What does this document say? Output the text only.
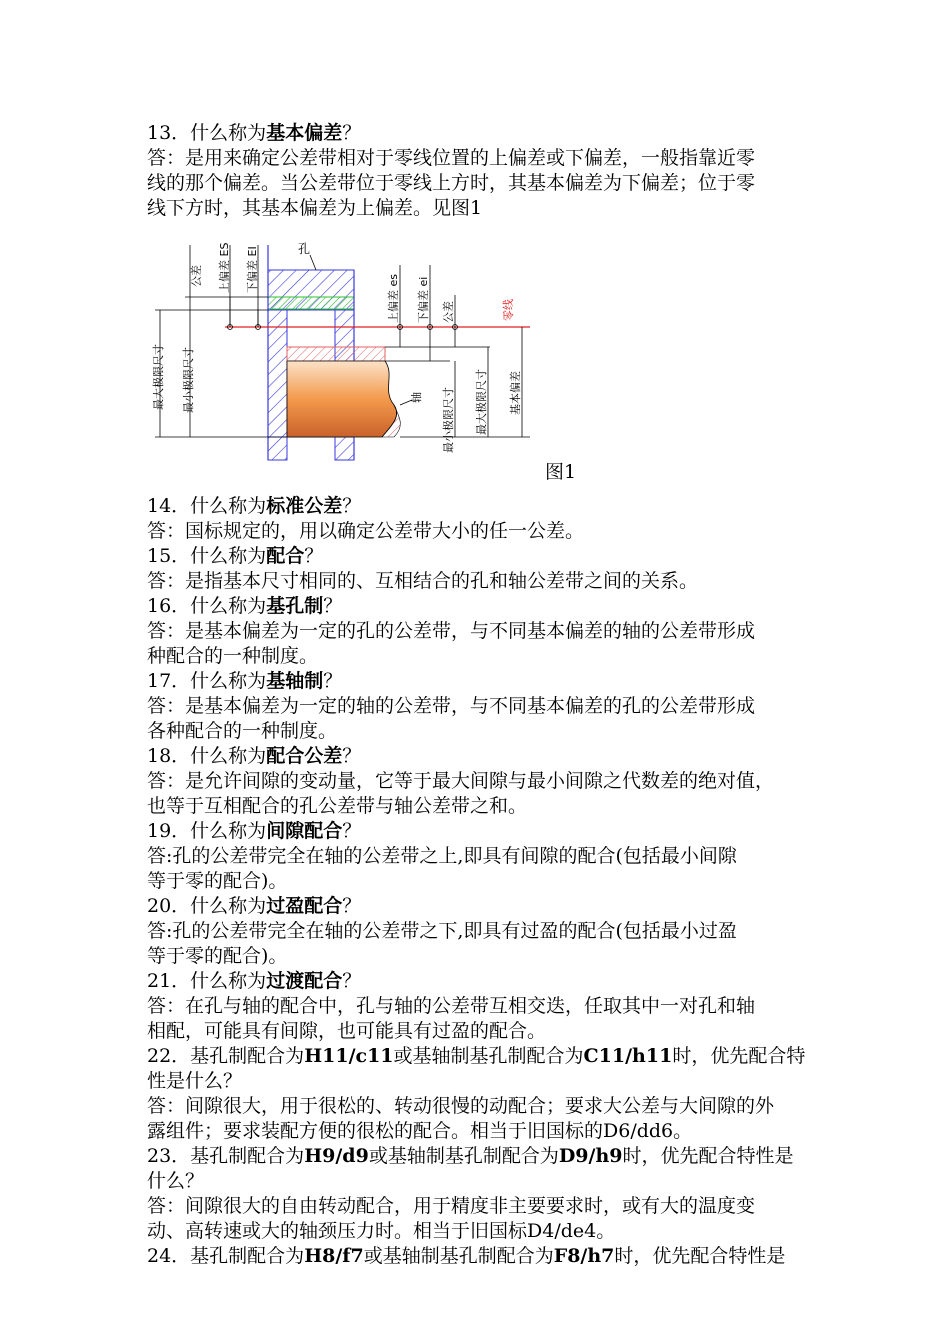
13．什么称为基本偏差？
答：是用来确定公差带相对于零线位置的上偏差或下偏差，一般指靠近零
线的那个偏差。当公差带位于零线上方时，其基本偏差为下偏差；位于零
线下方时，其基本偏差为上偏差。见图1
零线
孔
轴
公差 上偏差 ES 下偏差 EI
最大极限尺寸 最小极限尺寸
上偏差 es 下偏差 ei 公差
最小极限尺寸 最大极限尺寸 基本偏差
图1
14．什么称为标准公差？
答：国标规定的，用以确定公差带大小的任一公差。
15．什么称为配合？
答：是指基本尺寸相同的、互相结合的孔和轴公差带之间的关系。
16．什么称为基孔制？
答：是基本偏差为一定的孔的公差带，与不同基本偏差的轴的公差带形成
种配合的一种制度。
17．什么称为基轴制？
答：是基本偏差为一定的轴的公差带，与不同基本偏差的孔的公差带形成
各种配合的一种制度。
18．什么称为配合公差？
答：是允许间隙的变动量，它等于最大间隙与最小间隙之代数差的绝对值，
也等于互相配合的孔公差带与轴公差带之和。
19．什么称为间隙配合？
答:孔的公差带完全在轴的公差带之上,即具有间隙的配合(包括最小间隙
等于零的配合)。
20．什么称为过盈配合？
答:孔的公差带完全在轴的公差带之下,即具有过盈的配合(包括最小过盈
等于零的配合)。
21．什么称为过渡配合？
答：在孔与轴的配合中，孔与轴的公差带互相交迭，任取其中一对孔和轴
相配，可能具有间隙，也可能具有过盈的配合。
22．基孔制配合为H11/c11或基轴制基孔制配合为C11/h11时，优先配合特
性是什么？
答：间隙很大，用于很松的、转动很慢的动配合；要求大公差与大间隙的外
露组件；要求装配方便的很松的配合。相当于旧国标的D6/dd6。
23．基孔制配合为H9/d9或基轴制基孔制配合为D9/h9时，优先配合特性是
什么？
答：间隙很大的自由转动配合，用于精度非主要要求时，或有大的温度变
动、高转速或大的轴颈压力时。相当于旧国标D4/de4。
24．基孔制配合为H8/f7或基轴制基孔制配合为F8/h7时，优先配合特性是
